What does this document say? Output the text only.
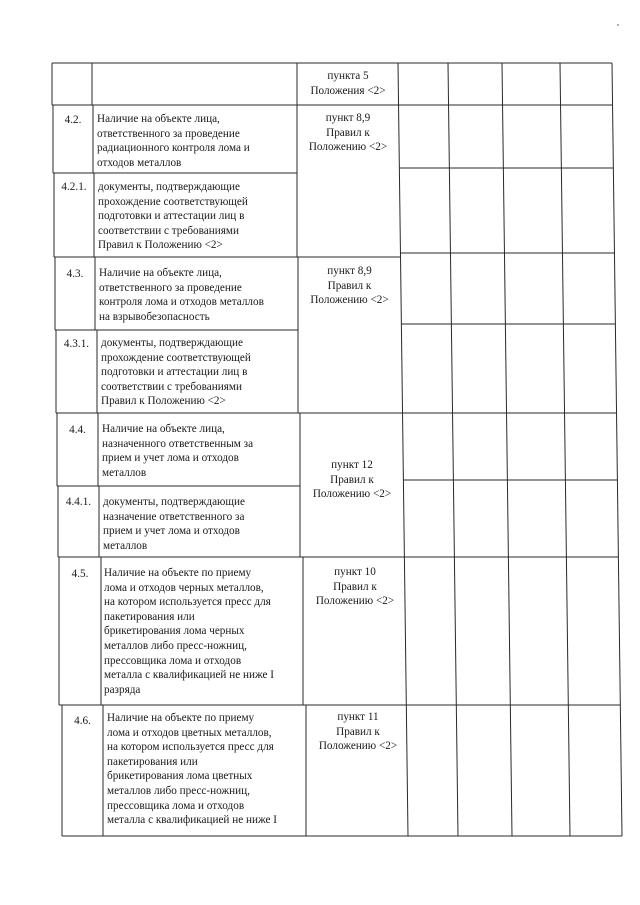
пункта 5
Положения <2>
4.2.	Наличие на объекте лица,
ответственного за проведение
радиационного контроля лома и
отходов металлов
пункт 8,9
Правил к
Положению <2>
4.2.1.	документы, подтверждающие
прохождение соответствующей
подготовки и аттестации лиц в
соответствии с требованиями
Правил к Положению <2>
4.3.	Наличие на объекте лица,
ответственного за проведение
контроля лома и отходов металлов
на взрывобезопасность
пункт 8,9
Правил к
Положению <2>
4.3.1.	документы, подтверждающие
прохождение соответствующей
подготовки и аттестации лиц в
соответствии с требованиями
Правил к Положению <2>
4.4.	Наличие на объекте лица,
назначенного ответственным за
прием и учет лома и отходов
металлов
пункт 12
Правил к
Положению <2>
4.4.1.	документы, подтверждающие
назначение ответственного за
прием и учет лома и отходов
металлов
4.5.	Наличие на объекте по приему
лома и отходов черных металлов,
на котором используется пресс для
пакетирования или
брикетирования лома черных
металлов либо пресс-ножниц,
прессовщика лома и отходов
металла с квалификацией не ниже I
разряда
пункт 10
Правил к
Положению <2>
4.6.	Наличие на объекте по приему
лома и отходов цветных металлов,
на котором используется пресс для
пакетирования или
брикетирования лома цветных
металлов либо пресс-ножниц,
прессовщика лома и отходов
металла с квалификацией не ниже I
пункт 11
Правил к
Положению <2>
